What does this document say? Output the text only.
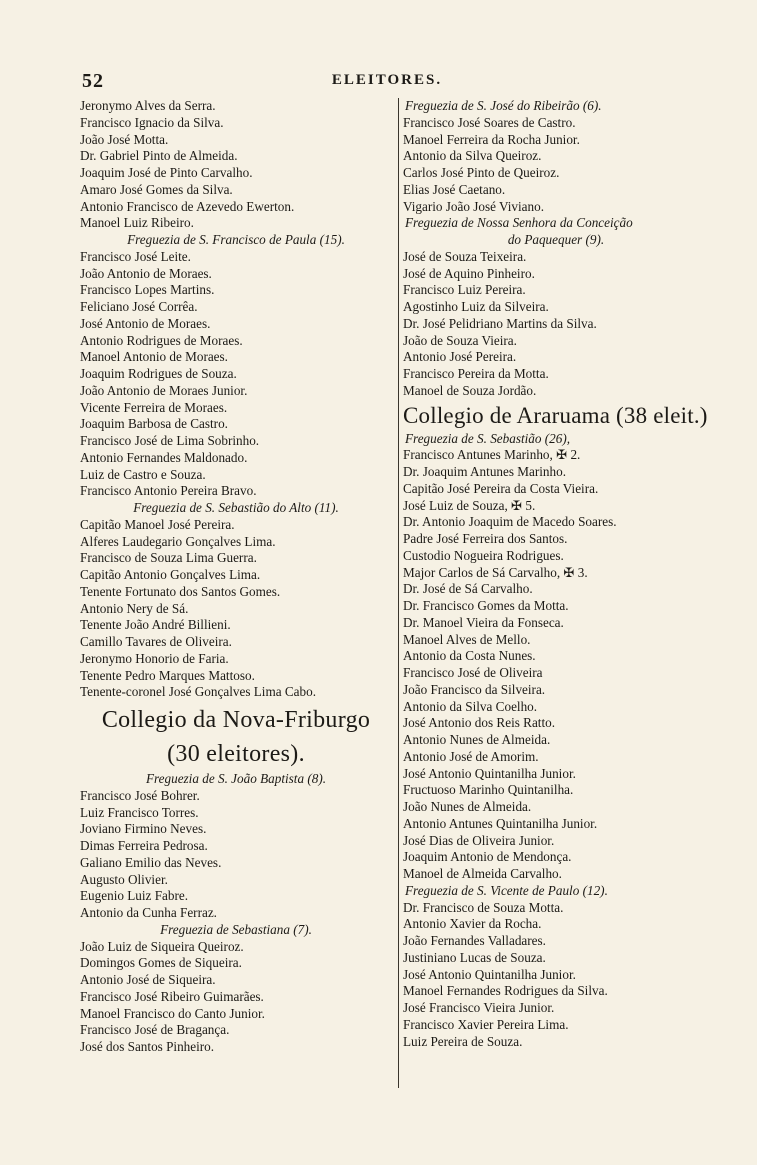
52	ELEITORES.
Jeronymo Alves da Serra.
Francisco Ignacio da Silva.
João José Motta.
Dr. Gabriel Pinto de Almeida.
Joaquim José de Pinto Carvalho.
Amaro José Gomes da Silva.
Antonio Francisco de Azevedo Ewerton.
Manoel Luiz Ribeiro.
Freguezia de S. Francisco de Paula (15).
Francisco José Leite.
João Antonio de Moraes.
Francisco Lopes Martins.
Feliciano José Corrêa.
José Antonio de Moraes.
Antonio Rodrigues de Moraes.
Manoel Antonio de Moraes.
Joaquim Rodrigues de Souza.
João Antonio de Moraes Junior.
Vicente Ferreira de Moraes.
Joaquim Barbosa de Castro.
Francisco José de Lima Sobrinho.
Antonio Fernandes Maldonado.
Luiz de Castro e Souza.
Francisco Antonio Pereira Bravo.
Freguezia de S. Sebastião do Alto (11).
Capitão Manoel José Pereira.
Alferes Laudegario Gonçalves Lima.
Francisco de Souza Lima Guerra.
Capitão Antonio Gonçalves Lima.
Tenente Fortunato dos Santos Gomes.
Antonio Nery de Sá.
Tenente João André Billieni.
Camillo Tavares de Oliveira.
Jeronymo Honorio de Faria.
Tenente Pedro Marques Mattoso.
Tenente-coronel José Gonçalves Lima Cabo.
Collegio da Nova-Friburgo
(30 eleitores).
Freguezia de S. João Baptista (8).
Francisco José Bohrer.
Luiz Francisco Torres.
Joviano Firmino Neves.
Dimas Ferreira Pedrosa.
Galiano Emilio das Neves.
Augusto Olivier.
Eugenio Luiz Fabre.
Antonio da Cunha Ferraz.
Freguezia de Sebastiana (7).
João Luiz de Siqueira Queiroz.
Domingos Gomes de Siqueira.
Antonio José de Siqueira.
Francisco José Ribeiro Guimarães.
Manoel Francisco do Canto Junior.
Francisco José de Bragança.
José dos Santos Pinheiro.
Freguezia de S. José do Ribeirão (6).
Francisco José Soares de Castro.
Manoel Ferreira da Rocha Junior.
Antonio da Silva Queiroz.
Carlos José Pinto de Queiroz.
Elias José Caetano.
Vigario João José Viviano.
Freguezia de Nossa Senhora da Conceição
do Paquequer (9).
José de Souza Teixeira.
José de Aquino Pinheiro.
Francisco Luiz Pereira.
Agostinho Luiz da Silveira.
Dr. José Pelidriano Martins da Silva.
João de Souza Vieira.
Antonio José Pereira.
Francisco Pereira da Motta.
Manoel de Souza Jordão.
Collegio de Araruama (38 eleit.)
Freguezia de S. Sebastião (26),
Francisco Antunes Marinho, ✠ 2.
Dr. Joaquim Antunes Marinho.
Capitão José Pereira da Costa Vieira.
José Luiz de Souza, ✠ 5.
Dr. Antonio Joaquim de Macedo Soares.
Padre José Ferreira dos Santos.
Custodio Nogueira Rodrigues.
Major Carlos de Sá Carvalho, ✠ 3.
Dr. José de Sá Carvalho.
Dr. Francisco Gomes da Motta.
Dr. Manoel Vieira da Fonseca.
Manoel Alves de Mello.
Antonio da Costa Nunes.
Francisco José de Oliveira
João Francisco da Silveira.
Antonio da Silva Coelho.
José Antonio dos Reis Ratto.
Antonio Nunes de Almeida.
Antonio José de Amorim.
José Antonio Quintanilha Junior.
Fructuoso Marinho Quintanilha.
João Nunes de Almeida.
Antonio Antunes Quintanilha Junior.
José Dias de Oliveira Junior.
Joaquim Antonio de Mendonça.
Manoel de Almeida Carvalho.
Freguezia de S. Vicente de Paulo (12).
Dr. Francisco de Souza Motta.
Antonio Xavier da Rocha.
João Fernandes Valladares.
Justiniano Lucas de Souza.
José Antonio Quintanilha Junior.
Manoel Fernandes Rodrigues da Silva.
José Francisco Vieira Junior.
Francisco Xavier Pereira Lima.
Luiz Pereira de Souza.
